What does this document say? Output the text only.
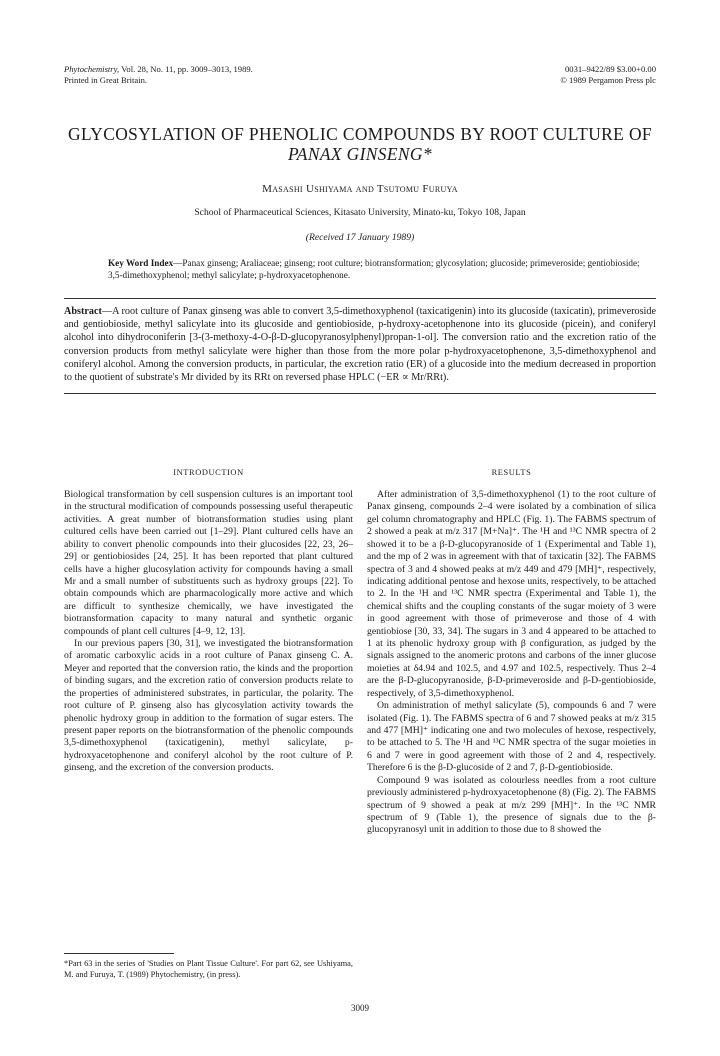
Phytochemistry, Vol. 28, No. 11, pp. 3009–3013, 1989.
Printed in Great Britain.
0031–9422/89 $3.00+0.00
© 1989 Pergamon Press plc
GLYCOSYLATION OF PHENOLIC COMPOUNDS BY ROOT CULTURE OF
PANAX GINSENG*
Masashi Ushiyama and Tsutomu Furuya
School of Pharmaceutical Sciences, Kitasato University, Minato-ku, Tokyo 108, Japan
(Received 17 January 1989)
Key Word Index—Panax ginseng; Araliaceae; ginseng; root culture; biotransformation; glycosylation; glucoside; primeveroside; gentiobioside; 3,5-dimethoxyphenol; methyl salicylate; p-hydroxyacetophenone.
Abstract—A root culture of Panax ginseng was able to convert 3,5-dimethoxyphenol (taxicatigenin) into its glucoside (taxicatin), primeveroside and gentiobioside, methyl salicylate into its glucoside and gentiobioside, p-hydroxy-acetophenone into its glucoside (picein), and coniferyl alcohol into dihydroconiferin [3-(3-methoxy-4-O-β-D-glucopyranosylphenyl)propan-1-ol]. The conversion ratio and the excretion ratio of the conversion products from methyl salicylate were higher than those from the more polar p-hydroxyacetophenone, 3,5-dimethoxyphenol and coniferyl alcohol. Among the conversion products, in particular, the excretion ratio (ER) of a glucoside into the medium decreased in proportion to the quotient of substrate's Mr divided by its RRt on reversed phase HPLC (−ER ∝ Mr/RRt).
INTRODUCTION

Biological transformation by cell suspension cultures is an important tool in the structural modification of compounds possessing useful therapeutic activities. A great number of biotransformation studies using plant cultured cells have been carried out [1–29]. Plant cultured cells have an ability to convert phenolic compounds into their glucosides [22, 23, 26–29] or gentiobiosides [24, 25]. It has been reported that plant cultured cells have a higher glucosylation activity for compounds having a small Mr and a small number of substituents such as hydroxy groups [22]. To obtain compounds which are pharmacologically more active and which are difficult to synthesize chemically, we have investigated the biotransformation capacity to many natural and synthetic organic compounds of plant cell cultures [4–9, 12, 13].

In our previous papers [30, 31], we investigated the biotransformation of aromatic carboxylic acids in a root culture of Panax ginseng C. A. Meyer and reported that the conversion ratio, the kinds and the proportion of binding sugars, and the excretion ratio of conversion products relate to the properties of administered substrates, in particular, the polarity. The root culture of P. ginseng also has glycosylation activity towards the phenolic hydroxy group in addition to the formation of sugar esters. The present paper reports on the biotransformation of the phenolic compounds 3,5-dimethoxyphenol (taxicatigenin), methyl salicylate, p-hydroxyacetophenone and coniferyl alcohol by the root culture of P. ginseng, and the excretion of the conversion products.

*Part 63 in the series of 'Studies on Plant Tissue Culture'. For part 62, see Ushiyama, M. and Furuya, T. (1989) Phytochemistry, (in press).
RESULTS

After administration of 3,5-dimethoxyphenol (1) to the root culture of Panax ginseng, compounds 2–4 were isolated by a combination of silica gel column chromatography and HPLC (Fig. 1). The FABMS spectrum of 2 showed a peak at m/z 317 [M+Na]⁺. The ¹H and ¹³C NMR spectra of 2 showed it to be a β-D-glucopyranoside of 1 (Experimental and Table 1), and the mp of 2 was in agreement with that of taxicatin [32]. The FABMS spectra of 3 and 4 showed peaks at m/z 449 and 479 [MH]⁺, respectively, indicating additional pentose and hexose units, respectively, to be attached to 2. In the ¹H and ¹³C NMR spectra (Experimental and Table 1), the chemical shifts and the coupling constants of the sugar moiety of 3 were in good agreement with those of primeverose and those of 4 with gentiobiose [30, 33, 34]. The sugars in 3 and 4 appeared to be attached to 1 at its phenolic hydroxy group with β configuration, as judged by the signals assigned to the anomeric protons and carbons of the inner glucose moieties at δ4.94 and 102.5, and 4.97 and 102.5, respectively. Thus 2–4 are the β-D-glucopyranoside, β-D-primeveroside and β-D-gentiobioside, respectively, of 3,5-dimethoxyphenol.

On administration of methyl salicylate (5), compounds 6 and 7 were isolated (Fig. 1). The FABMS spectra of 6 and 7 showed peaks at m/z 315 and 477 [MH]⁺ indicating one and two molecules of hexose, respectively, to be attached to 5. The ¹H and ¹³C NMR spectra of the sugar moieties in 6 and 7 were in good agreement with those of 2 and 4, respectively. Therefore 6 is the β-D-glucoside of 2 and 7, β-D-gentiobioside.

Compound 9 was isolated as colourless needles from a root culture previously administered p-hydroxyacetophenone (8) (Fig. 2). The FABMS spectrum of 9 showed a peak at m/z 299 [MH]⁺. In the ¹³C NMR spectrum of 9 (Table 1), the presence of signals due to the β-glucopyranosyl unit in addition to those due to 8 showed the

3009
